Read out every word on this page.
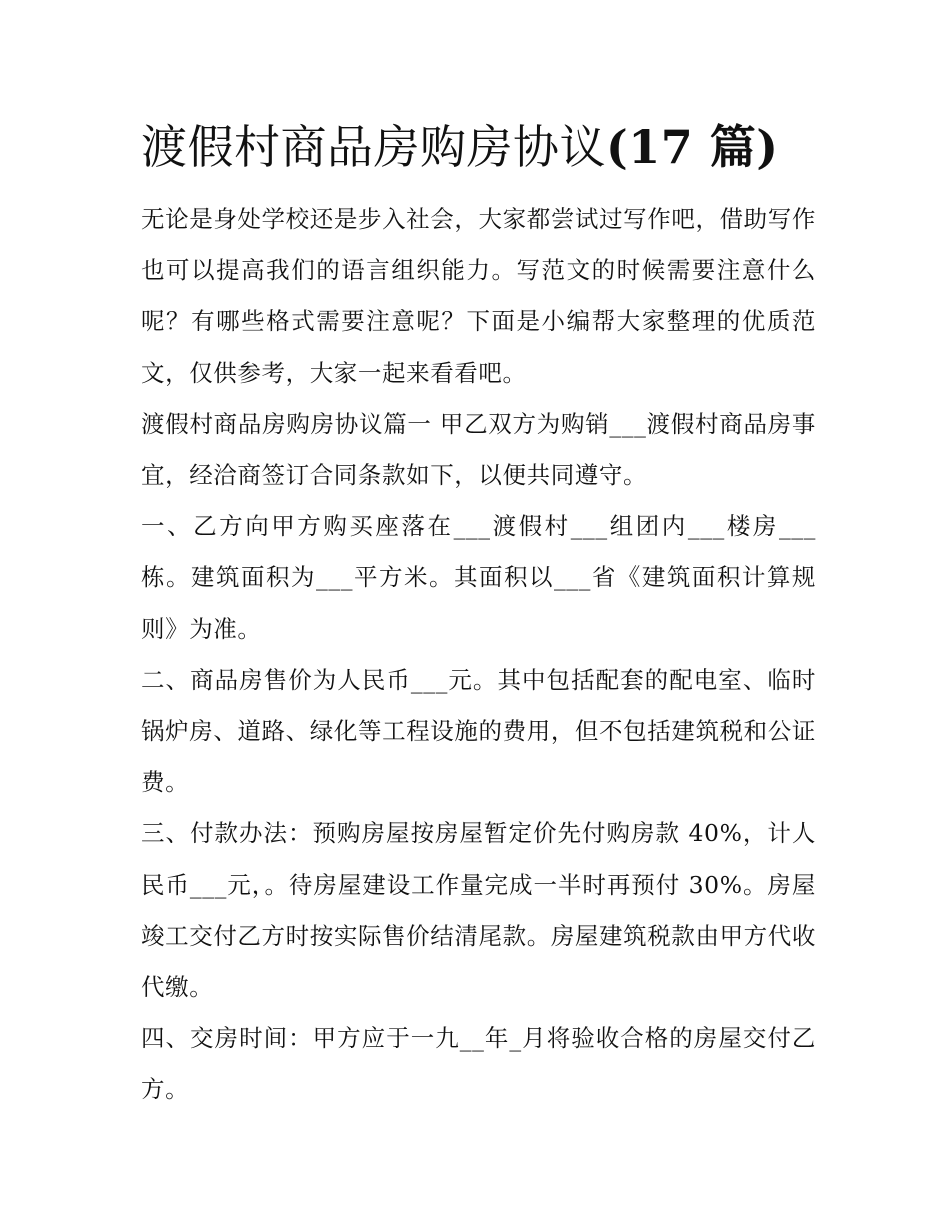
渡假村商品房购房协议(17 篇)

无论是身处学校还是步入社会，大家都尝试过写作吧，借助写作也可以提高我们的语言组织能力。写范文的时候需要注意什么呢？有哪些格式需要注意呢？下面是小编帮大家整理的优质范文，仅供参考，大家一起来看看吧。

渡假村商品房购房协议篇一 甲乙双方为购销___渡假村商品房事宜，经洽商签订合同条款如下，以便共同遵守。

一、乙方向甲方购买座落在___渡假村___组团内___楼房___栋。建筑面积为___平方米。其面积以___省《建筑面积计算规则》为准。

二、商品房售价为人民币___元。其中包括配套的配电室、临时锅炉房、道路、绿化等工程设施的费用，但不包括建筑税和公证费。

三、付款办法：预购房屋按房屋暂定价先付购房款 40%，计人民币___元，。待房屋建设工作量完成一半时再预付 30%。房屋竣工交付乙方时按实际售价结清尾款。房屋建筑税款由甲方代收代缴。

四、交房时间：甲方应于一九__年_月将验收合格的房屋交付乙方。
